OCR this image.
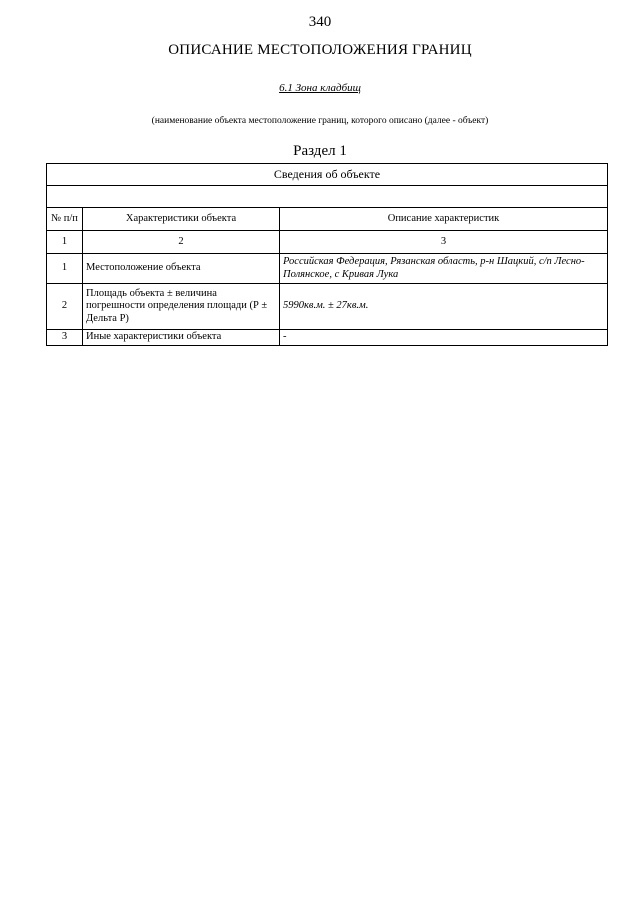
340
ОПИСАНИЕ МЕСТОПОЛОЖЕНИЯ ГРАНИЦ
6.1 Зона кладбищ
(наименование объекта местоположение границ, которого описано (далее - объект)
Раздел 1
Сведения об объекте		

№ п/п	Характеристики объекта	Описание характеристик
1	2	3
1	Местоположение объекта	Российская Федерация, Рязанская область, р-н Шацкий, с/п Лесно-Полянское, с Кривая Лука
2	Площадь объекта ± величина погрешности определения площади (Р ± Дельта Р)	5990кв.м. ± 27кв.м.
3	Иные характеристики объекта	-
